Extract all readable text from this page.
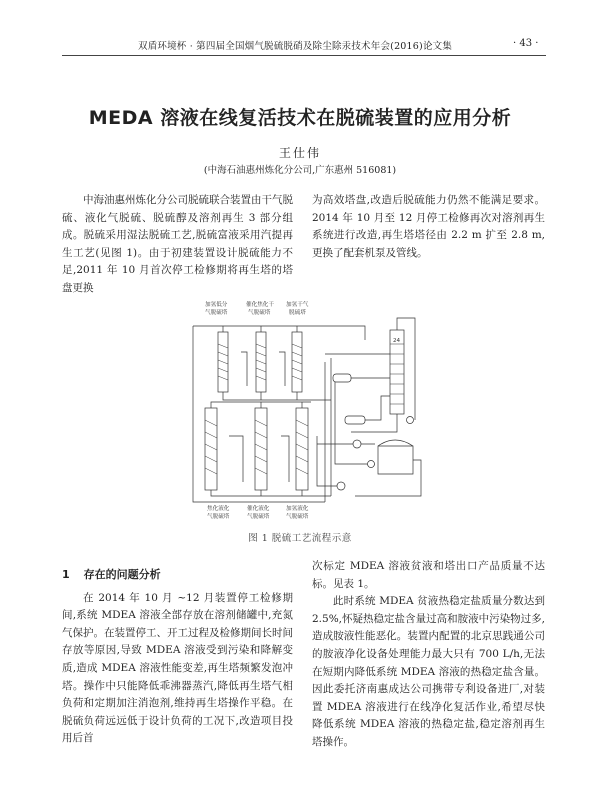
双盾环境杯 · 第四届全国烟气脱硫脱硝及除尘除汞技术年会(2016)论文集	· 43 ·
MEDA 溶液在线复活技术在脱硫装置的应用分析
王仕伟
(中海石油惠州炼化分公司,广东惠州 516081)

中海油惠州炼化分公司脱硫联合装置由干气脱硫、液化气脱硫、脱硫醇及溶剂再生 3 部分组成。脱硫采用湿法脱硫工艺,脱硫富液采用汽提再生工艺(见图 1)。由于初建装置设计脱硫能力不足,2011 年 10 月首次停工检修期将再生塔的塔盘更换

为高效塔盘,改造后脱硫能力仍然不能满足要求。2014 年 10 月至 12 月停工检修再次对溶剂再生系统进行改造,再生塔塔径由 2.2 m 扩至 2.8 m,更换了配套机泵及管线。

加氢低分
气脱硫塔
催化焦化干
气脱硫塔
加氢干气
脱硫塔
焦化液化
气脱硫塔
催化液化
气脱硫塔
加氢液化
气脱硫塔
24
图 1 脱硫工艺流程示意
1 存在的问题分析

在 2014 年 10 月 ~12 月装置停工检修期间,系统 MDEA 溶液全部存放在溶剂储罐中,充氮气保护。在装置停工、开工过程及检修期间长时间存放等原因,导致 MDEA 溶液受到污染和降解变质,造成 MDEA 溶液性能变差,再生塔频繁发泡冲塔。操作中只能降低乖沸器蒸汽,降低再生塔气相负荷和定期加注消泡剂,维持再生塔操作平稳。在脱硫负荷远远低于设计负荷的工况下,改造项目投用后首

次标定 MDEA 溶液贫液和塔出口产品质量不达标。见表 1。

此时系统 MDEA 贫液热稳定盐质量分数达到 2.5%,怀疑热稳定盐含量过高和胺液中污染物过多,造成胺液性能恶化。装置内配置的北京思践通公司的胺液净化设备处理能力最大只有 700 L/h,无法在短期内降低系统 MDEA 溶液的热稳定盐含量。因此委托济南惠成达公司携带专利设备进厂,对装置 MDEA 溶液进行在线净化复活作业,希望尽快降低系统 MDEA 溶液的热稳定盐,稳定溶剂再生塔操作。
